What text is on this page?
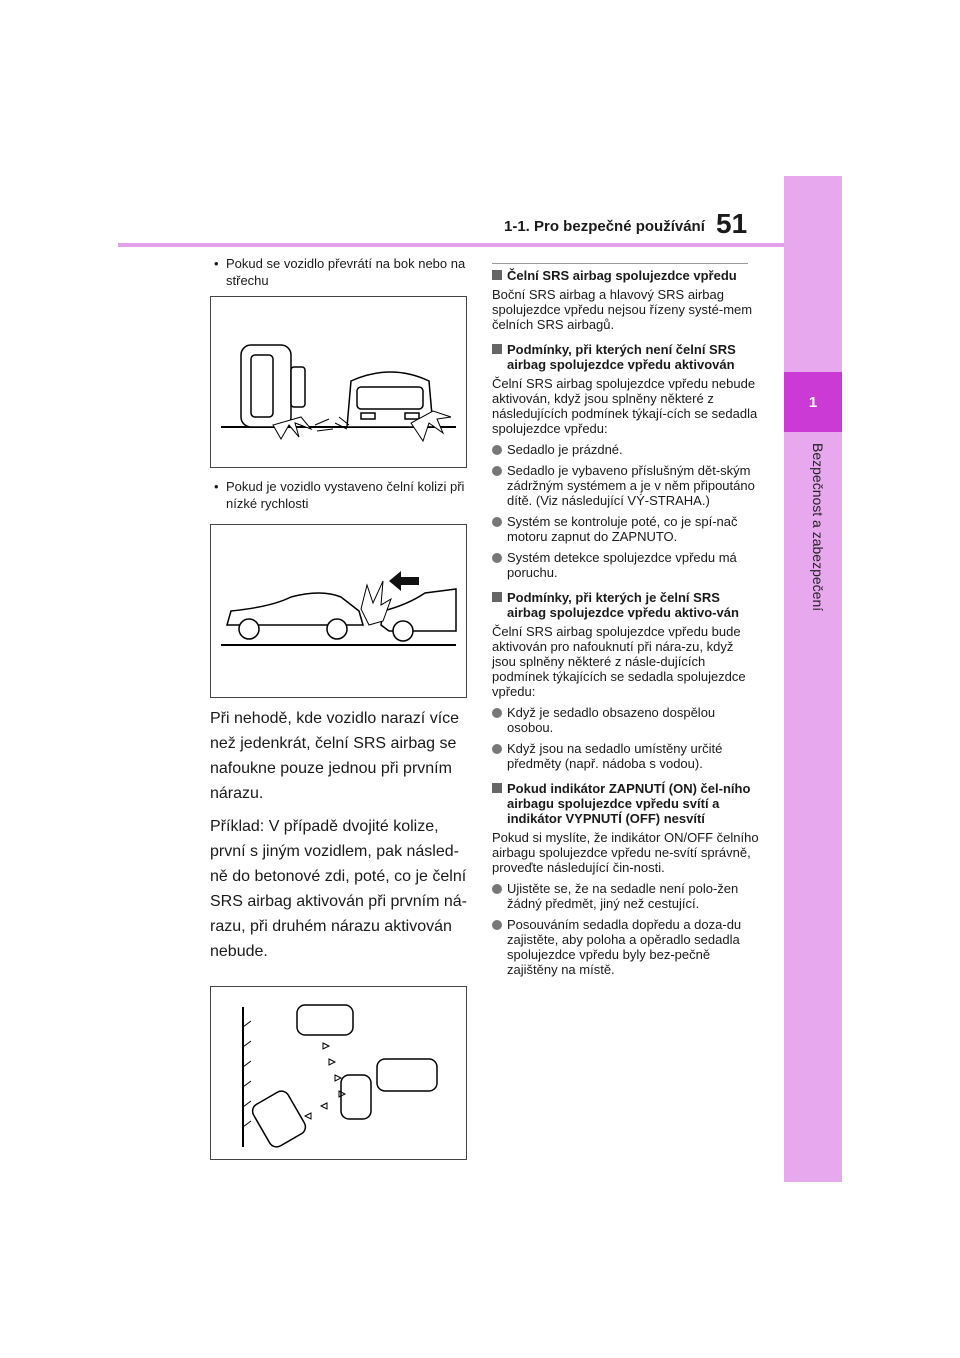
1
Bezpečnost a zabezpečení
1-1. Pro bezpečné používání 51
• Pokud se vozidlo převrátí na bok nebo na střechu
• Pokud je vozidlo vystaveno čelní kolizi při nízké rychlosti
Při nehodě, kde vozidlo narazí více než jedenkrát, čelní SRS airbag se nafoukne pouze jednou při prvním nárazu.
Příklad: V případě dvojité kolize, první s jiným vozidlem, pak násled-ně do betonové zdi, poté, co je čelní SRS airbag aktivován při prvním ná-razu, při druhém nárazu aktivován nebude.
Čelní SRS airbag spolujezdce vpředu
Boční SRS airbag a hlavový SRS airbag spolujezdce vpředu nejsou řízeny systé-mem čelních SRS airbagů.
Podmínky, při kterých není čelní SRS airbag spolujezdce vpředu aktivován
Čelní SRS airbag spolujezdce vpředu nebude aktivován, když jsou splněny některé z následujících podmínek týkají-cích se sedadla spolujezdce vpředu:
Sedadlo je prázdné.
Sedadlo je vybaveno příslušným dět-ským zádržným systémem a je v něm připoutáno dítě. (Viz následující VÝ-STRAHA.)
Systém se kontroluje poté, co je spí-nač motoru zapnut do ZAPNUTO.
Systém detekce spolujezdce vpředu má poruchu.
Podmínky, při kterých je čelní SRS airbag spolujezdce vpředu aktivo-ván
Čelní SRS airbag spolujezdce vpředu bude aktivován pro nafouknutí při nára-zu, když jsou splněny některé z násle-dujících podmínek týkajících se sedadla spolujezdce vpředu:
Když je sedadlo obsazeno dospělou osobou.
Když jsou na sedadlo umístěny určité předměty (např. nádoba s vodou).
Pokud indikátor ZAPNUTÍ (ON) čel-ního airbagu spolujezdce vpředu svítí a indikátor VYPNUTÍ (OFF) nesvítí
Pokud si myslíte, že indikátor ON/OFF čelního airbagu spolujezdce vpředu ne-svítí správně, proveďte následující čin-nosti.
Ujistěte se, že na sedadle není polo-žen žádný předmět, jiný než cestující.
Posouváním sedadla dopředu a doza-du zajistěte, aby poloha a opěradlo sedadla spolujezdce vpředu byly bez-pečně zajištěny na místě.
